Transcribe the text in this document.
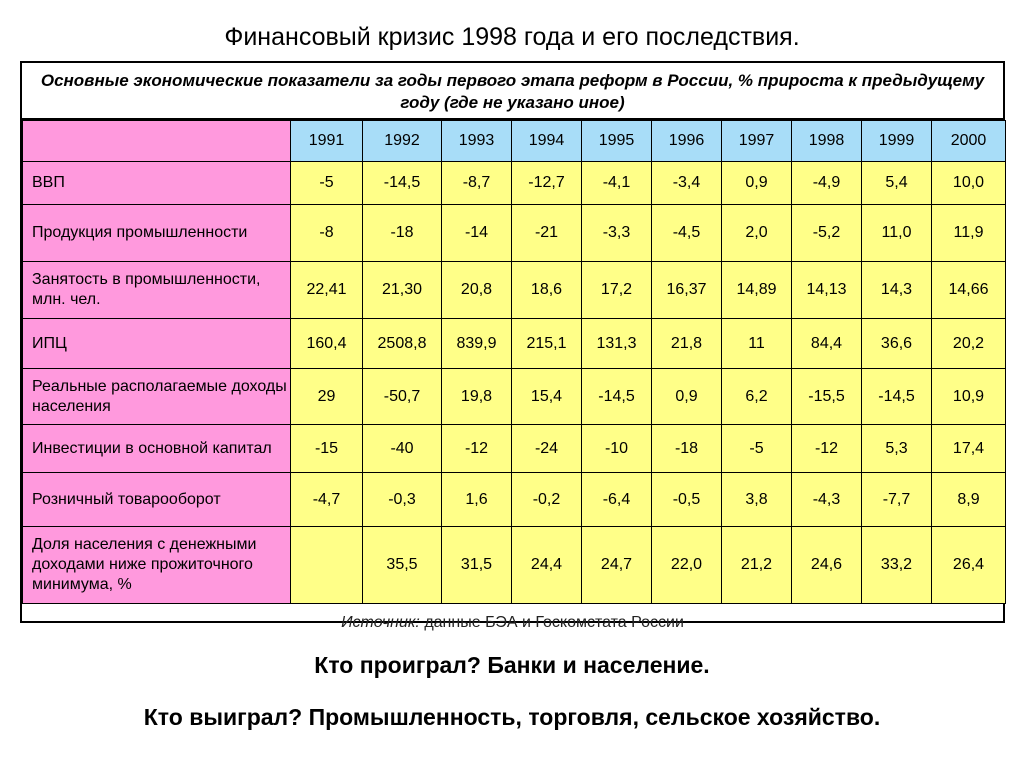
Финансовый кризис 1998 года и его последствия.
Основные экономические показатели за годы первого этапа реформ в России, % прироста к предыдущему году (где не указано иное)
	1991	1992	1993	1994	1995	1996	1997	1998	1999	2000
ВВП	-5	-14,5	-8,7	-12,7	-4,1	-3,4	0,9	-4,9	5,4	10,0
Продукция промышленности	-8	-18	-14	-21	-3,3	-4,5	2,0	-5,2	11,0	11,9
Занятость в промышленности, млн. чел.	22,41	21,30	20,8	18,6	17,2	16,37	14,89	14,13	14,3	14,66
ИПЦ	160,4	2508,8	839,9	215,1	131,3	21,8	11	84,4	36,6	20,2
Реальные располагаемые доходы населения	29	-50,7	19,8	15,4	-14,5	0,9	6,2	-15,5	-14,5	10,9
Инвестиции в основной капитал	-15	-40	-12	-24	-10	-18	-5	-12	5,3	17,4
Розничный товарооборот	-4,7	-0,3	1,6	-0,2	-6,4	-0,5	3,8	-4,3	-7,7	8,9
Доля населения с денежными доходами ниже прожиточного минимума, %		35,5	31,5	24,4	24,7	22,0	21,2	24,6	33,2	26,4
Источник: данные БЭА и Госкомстата России
Кто проиграл? Банки и население.
Кто выиграл? Промышленность, торговля, сельское хозяйство.
